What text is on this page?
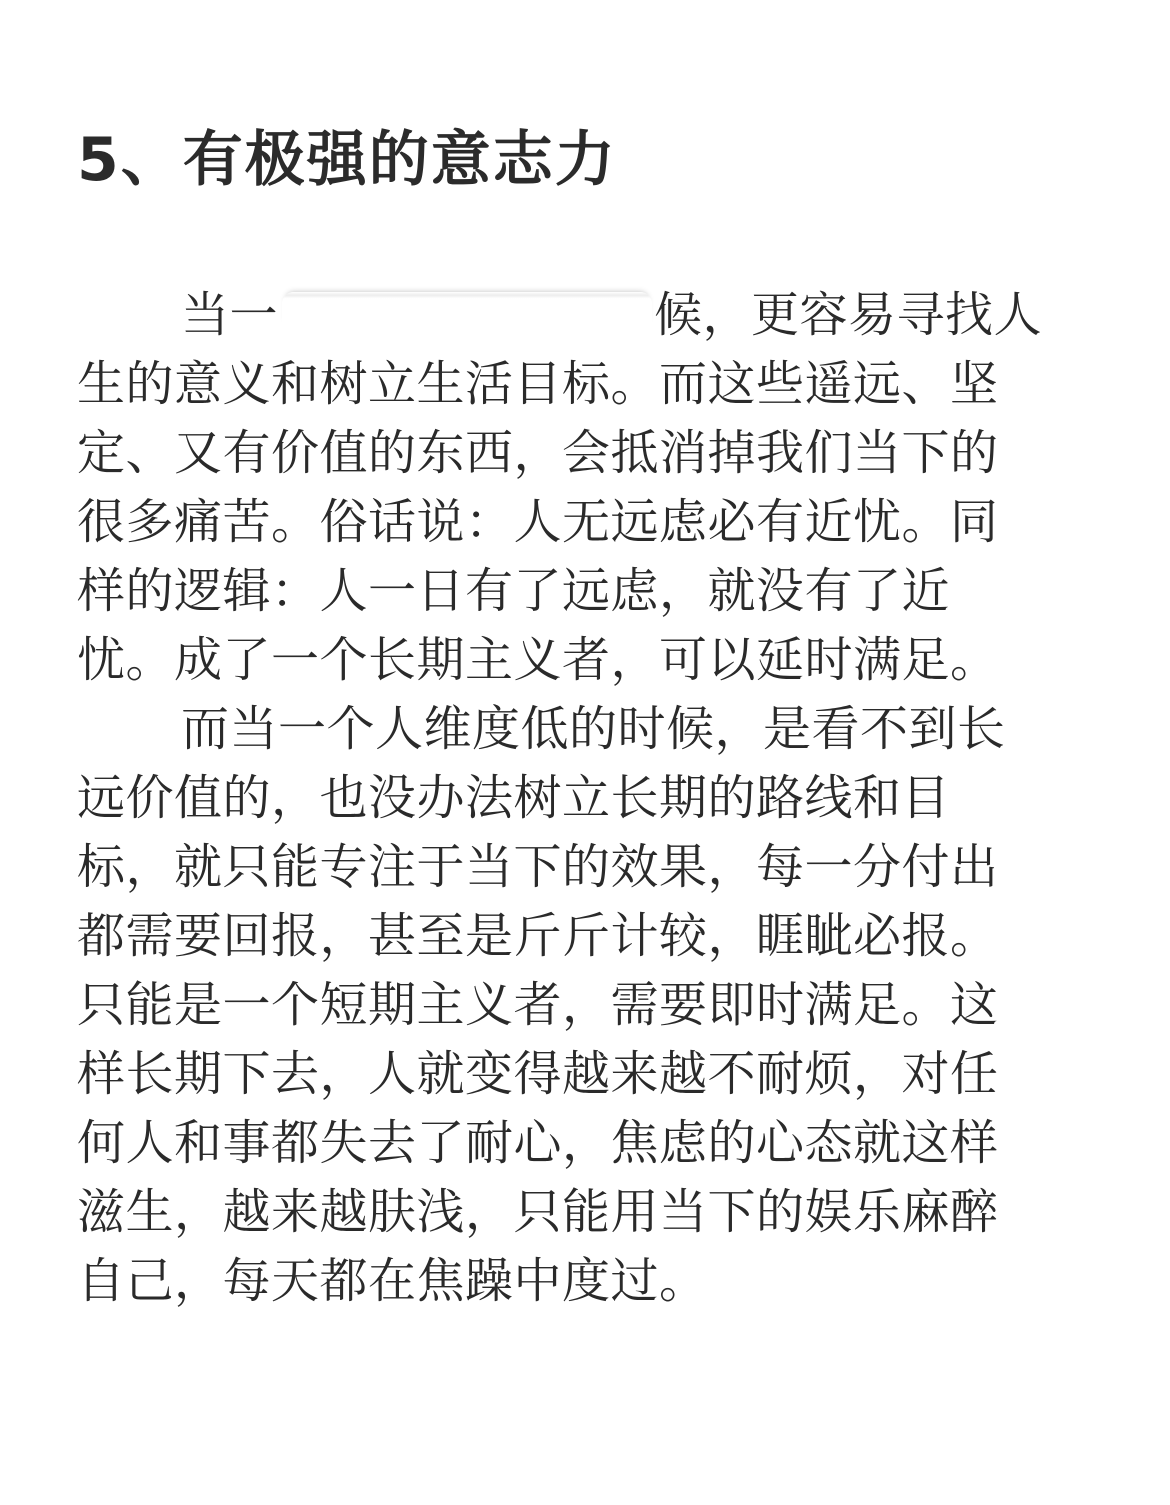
5、有极强的意志力
当一	候，更容易寻找人
生的意义和树立生活目标。而这些遥远、坚
定、又有价值的东西，会抵消掉我们当下的
很多痛苦。俗话说：人无远虑必有近忧。同
样的逻辑：人一日有了远虑，就没有了近
忧。成了一个长期主义者，可以延时满足。
而当一个人维度低的时候，是看不到长
远价值的，也没办法树立长期的路线和目
标，就只能专注于当下的效果，每一分付出
都需要回报，甚至是斤斤计较，睚眦必报。
只能是一个短期主义者，需要即时满足。这
样长期下去，人就变得越来越不耐烦，对任
何人和事都失去了耐心，焦虑的心态就这样
滋生，越来越肤浅，只能用当下的娱乐麻醉
自己，每天都在焦躁中度过。
